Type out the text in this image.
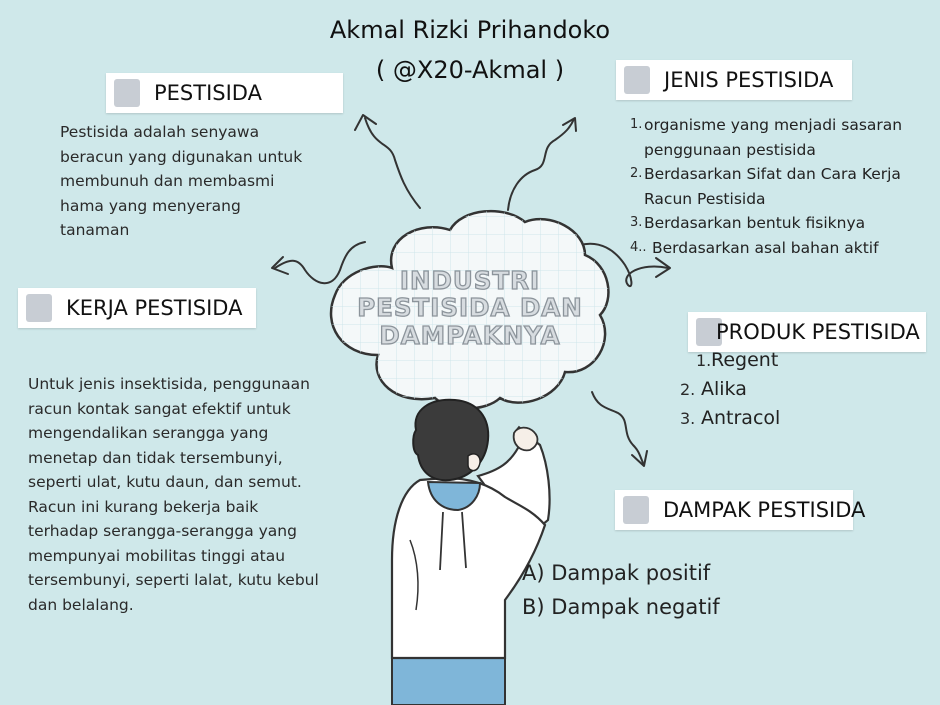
INDUSTRI
PESTISIDA DAN
DAMPAKNYA

Akmal Rizki Prihandoko

( @X20-Akmal )

PESTISIDA
Pestisida adalah senyawa
beracun yang digunakan untuk
membunuh dan membasmi
hama yang menyerang
tanaman
JENIS PESTISIDA
1. organisme yang menjadi sasaran
penggunaan pestisida
2. Berdasarkan Sifat dan Cara Kerja
Racun Pestisida
3. Berdasarkan bentuk fisiknya
4.. Berdasarkan asal bahan aktif
KERJA PESTISIDA
Untuk jenis insektisida, penggunaan
racun kontak sangat efektif untuk
mengendalikan serangga yang
menetap dan tidak tersembunyi,
seperti ulat, kutu daun, dan semut.
Racun ini kurang bekerja baik
terhadap serangga-serangga yang
mempunyai mobilitas tinggi atau
tersembunyi, seperti lalat, kutu kebul
dan belalang.
PRODUK PESTISIDA
1. Regent
2. Alika
3. Antracol
DAMPAK PESTISIDA
A) Dampak positif
B) Dampak negatif
